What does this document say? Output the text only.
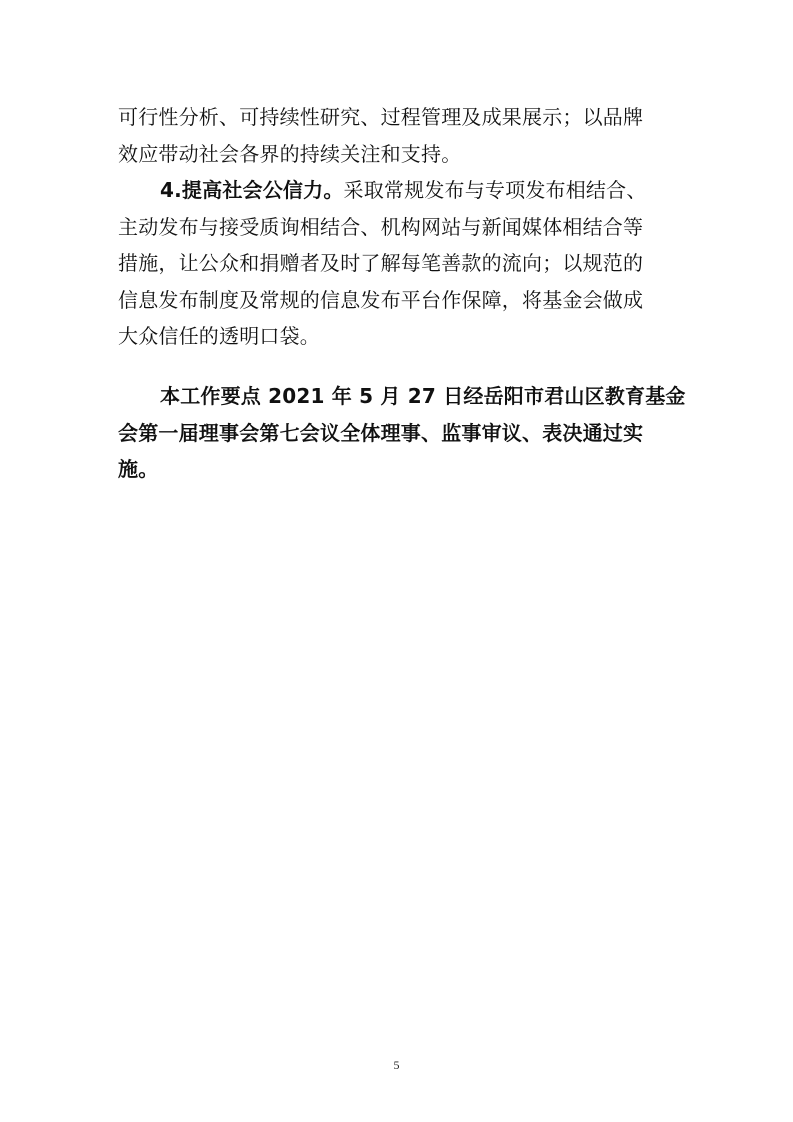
可行性分析、可持续性研究、过程管理及成果展示；以品牌
效应带动社会各界的持续关注和支持。
4.提高社会公信力。采取常规发布与专项发布相结合、
主动发布与接受质询相结合、机构网站与新闻媒体相结合等
措施，让公众和捐赠者及时了解每笔善款的流向；以规范的
信息发布制度及常规的信息发布平台作保障，将基金会做成
大众信任的透明口袋。
本工作要点 2021 年 5 月 27 日经岳阳市君山区教育基金
会第一届理事会第七会议全体理事、监事审议、表决通过实
施。
5
